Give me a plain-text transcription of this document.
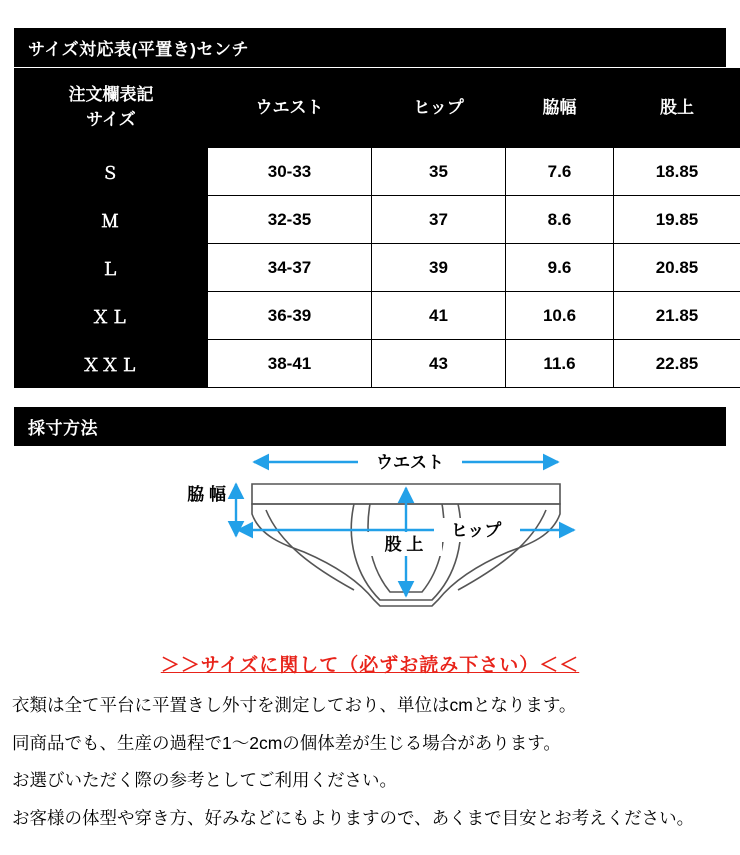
サイズ対応表(平置き)センチ
注文欄表記
サイズ	ウエスト	ヒップ	脇幅	股上
Ｓ	30-33	35	7.6	18.85
Ｍ	32-35	37	8.6	19.85
Ｌ	34-37	39	9.6	20.85
ＸＬ	36-39	41	10.6	21.85
ＸＸＬ	38-41	43	11.6	22.85
採寸方法
ウエスト
脇 幅
ヒップ
股 上
＞＞サイズに関して（必ずお読み下さい）＜＜

衣類は全て平台に平置きし外寸を測定しており、単位はcmとなります。

同商品でも、生産の過程で1〜2cmの個体差が生じる場合があります。

お選びいただく際の参考としてご利用ください。

お客様の体型や穿き方、好みなどにもよりますので、あくまで目安とお考えください。
